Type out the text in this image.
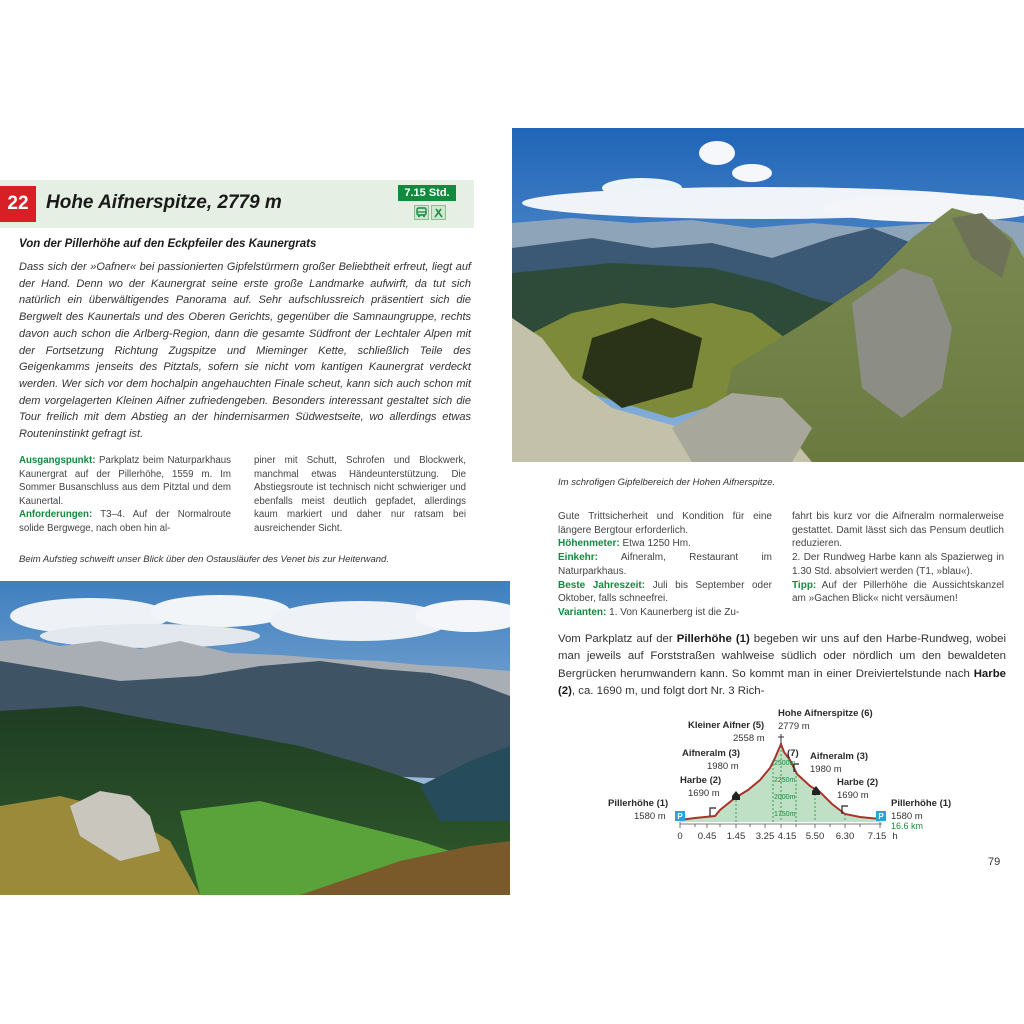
22 Hohe Aifnerspitze, 2779 m	7.15 Std.
Von der Pillerhöhe auf den Eckpfeiler des Kaunergrats

Dass sich der »Oafner« bei passionierten Gipfelstürmern großer Beliebtheit erfreut, liegt auf der Hand. Denn wo der Kaunergrat seine erste große Landmarke aufwirft, da tut sich natürlich ein überwältigendes Panorama auf. Sehr aufschlussreich präsentiert sich die Bergwelt des Kaunertals und des Oberen Gerichts, gegenüber die Samnaungruppe, rechts davon auch schon die Arlberg-Region, dann die gesamte Südfront der Lechtaler Alpen mit der Fortsetzung Richtung Zugspitze und Mieminger Kette, schließlich Teile des Geigenkamms jenseits des Pitztals, sofern sie nicht vom kantigen Kaunergrat verdeckt werden. Wer sich vor dem hochalpin angehauchten Finale scheut, kann sich auch schon mit dem vorgelagerten Kleinen Aifner zufriedengeben. Besonders interessant gestaltet sich die Tour freilich mit dem Abstieg an der hindernisarmen Südwestseite, wo allerdings etwas Routeninstinkt gefragt ist.

Ausgangspunkt: Parkplatz beim Naturparkhaus Kaunergrat auf der Pillerhöhe, 1559 m. Im Sommer Busanschluss aus dem Pitztal und dem Kaunertal.
Anforderungen: T3–4. Auf der Normalroute solide Bergwege, nach oben hin al-
piner mit Schutt, Schrofen und Blockwerk, manchmal etwas Händeunterstützung. Die Abstiegsroute ist technisch nicht schwieriger und ebenfalls meist deutlich gepfadet, allerdings kaum markiert und daher nur ratsam bei ausreichender Sicht.
Beim Aufstieg schweift unser Blick über den Ostausläufer des Venet bis zur Heiterwand.
Im schrofigen Gipfelbereich der Hohen Aifnerspitze.
Gute Trittsicherheit und Kondition für eine längere Bergtour erforderlich.
Höhenmeter: Etwa 1250 Hm.
Einkehr: Aifneralm, Restaurant im Naturparkhaus.
Beste Jahreszeit: Juli bis September oder Oktober, falls schneefrei.
Varianten: 1. Von Kaunerberg ist die Zu-
fahrt bis kurz vor die Aifneralm normalerweise gestattet. Damit lässt sich das Pensum deutlich reduzieren.
2. Der Rundweg Harbe kann als Spazierweg in 1.30 Std. absolviert werden (T1, »blau«).
Tipp: Auf der Pillerhöhe die Aussichtskanzel am »Gachen Blick« nicht versäumen!

Vom Parkplatz auf der Pillerhöhe (1) begeben wir uns auf den Harbe-Rundweg, wobei man jeweils auf Forststraßen wahlweise südlich oder nördlich um den bewaldeten Bergrücken herumwandern kann. So kommt man in einer Dreiviertelstunde nach Harbe (2), ca. 1690 m, und folgt dort Nr. 3 Rich-

2500m
2250m
2000m
1750m
P	P
Pillerhöhe (1)
1580 m
Harbe (2)
1690 m
Aifneralm (3)
1980 m
Kleiner Aifner (5)
2558 m
Hohe Aifnerspitze (6)
2779 m
(7) Aifneralm (3)
1980 m
Harbe (2)
1690 m
Pillerhöhe (1)
1580 m
16.6 km
0 0.45 1.45 3.25 4.15 5.50 6.30 7.15 h
79
